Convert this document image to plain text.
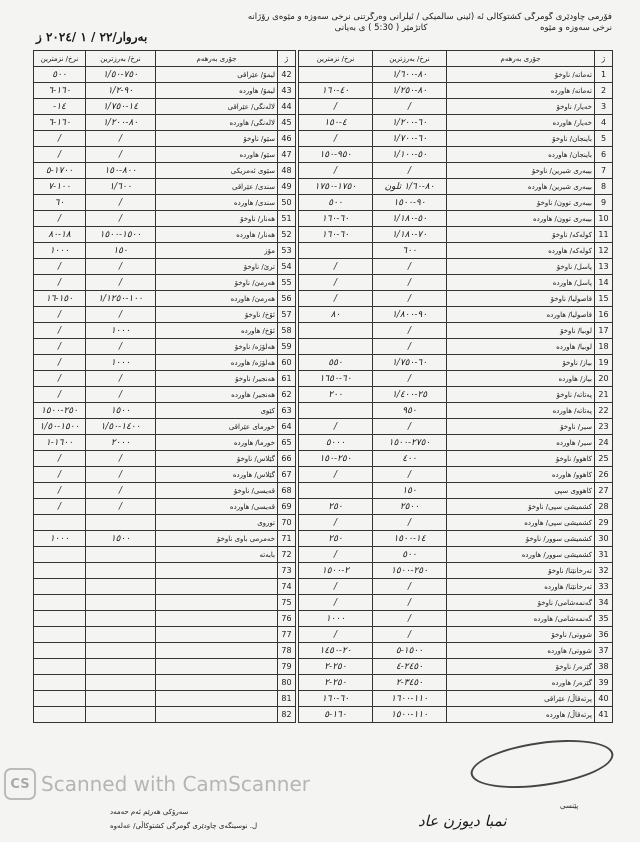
فۆرمی چاودێری گومرگی کشتوکاڵی ئه‌ (ئینی سالمیکی / ئیلرانی وەرگرتنی نرخی سەوزە و مێوەی رۆژانە
نرخی سەوزە و مێوە
کاتژمێر ( 5:30 ) ی بەیانی
بەروار/٢٢ / ١ /٢٠٢٤ ز
نرخ/ نزمترین	نرخ/ بەرزترین	جۆری بەرهەم	ژ
	٨٠-١/٦٠٠	تەماتە/ ناوخۆ	1
٤٠-١٦٠	٨٠-١/٢٥٠	تەماتە/ هاوردە	2
/	/	خەیار/ ناوخۆ	3
٤-١٥٠	٦٠-١/٢٠٠	خەیار/ هاوردە	4
/	٦٠-١/٧٠٠	باینجان/ ناوخۆ	5
٩٥٠-١٥٠	٥٠-١/١٠٠	باینجان/ هاوردە	6
/	/	بیبەری شیرین/ ناوخۆ	7
١٧٥٠-١٧٥٠	٨٠-١/٦٠ تلون	بیبەری شیرین/ هاوردە	8
٥٠٠	٩٠-١٥٠٠	بیبەری توون/ ناوخۆ	9
٦٠-١٦٠	٥٠-١/١٨٠	بیبەری توون/ هاوردە	10
٦٠-١٦٠	٧٠-١/١٨٠	کولەکە/ ناوخۆ	11
	٦٠٠	کولەکە/ هاوردە	12
/	/	پاسل/ ناوخۆ	13
/	/	پاسل/ هاوردە	14
/	/	فاصولیا/ ناوخۆ	15
٨٠	٩٠-١/٨٠٠	فاصولیا/ هاوردە	16
	/	لوبیا/ ناوخۆ	17
	/	لوبیا/ هاوردە	18
٥٥٠	٦٠-١/٧٥٠	بیاز/ ناوخۆ	19
٦٠-١٦٥٠	/	بیاز/ هاوردە	20
٢٠٠	٢٥-١/٤٠٠	پەتاتە/ ناوخۆ	21
	٩٥٠	پەتاتە/ هاوردە	22
/	/	سیر/ ناوخۆ	23
٥٠٠٠	٢٧٥٠-١٥٠٠	سیر/ هاوردە	24
٢٥٠-١٥٠	٤٠٠	کاهوو/ ناوخۆ	25
/	/	کاهوو/ هاوردە	26
	١٥٠	کاهووی سپی	27
٢٥٠	٢٥٠٠	کشمیشی سپی/ ناوخۆ	28
/	/	کشمیشی سپی/ هاوردە	29
٢٥٠	١٤-١٥٠٠	کشمیشی سوور/ ناوخۆ	30
/	٥٠٠	کشمیشی سوور/ هاوردە	31
٢-١٥٠٠	٢٥٠-١٥٠٠	تەرخانێنا/ ناوخۆ	32
/	/	تەرخانێنا/ هاوردە	33
/	/	گەنمەشامی/ ناوخۆ	34
١٠٠٠	/	گەنمەشامی/ هاوردە	35
/	/	شووتی/ ناوخۆ	36
٢٠-١٤٥٠	١٥٠٠-٥	شووتی/ هاوردە	37
٢٥٠-٢	٢٤٥٠-٤	گێزەر/ ناوخۆ	38
٢٥٠-٢	٣٤٥٠-٢	گێزەر/ هاوردە	39
٦٠-١٦٠	١١٠-١٦٠٠	پرتەقاڵ/ عێراقی	40
١٦٠-٥	١١٠-١٥٠٠	پرتەقاڵ/ هاوردە	41
نرخ/ نزمترین	نرخ/ بەرزترین	جۆری بەرهەم	ژ
٥٠٠	٧٥٠-١/٥٠	لیمۆ/ عێراقی	42
١٦٠-٦	٩٠-١/٢	لیمۆ/ هاوردە	43
-١٤	١٤-١/٧٥٠	لالەنگی/ عێراقی	44
١٦٠-٦	٨٠-١/٢٠٠	لالەنگی/ هاوردە	45
/	/	سێو/ ناوخۆ	46
/	/	سێو/ هاوردە	47
١٧٠٠-٥	٨٠٠-١٥٠	سێوی ئەمریکی	48
١٠٠-٧	١/٦٠٠	سندی/ عێراقی	49
٦٠	/	سندی/ هاوردە	50
/	/	هەنار/ ناوخۆ	51
١٨-٨٠	١٥٠٠-١٥٠٠	هەنار/ هاوردە	52
١٠٠٠	١٥٠	مۆز	53
/	/	ترێ/ ناوخۆ	54
/	/	هەرمێ/ ناوخۆ	55
١٥٠-١٦	١٠٠-١/١٢٥٠	هەرمێ/ هاوردە	56
/	/	ئۆخ/ ناوخۆ	57
/	١٠٠٠	ئۆخ/ هاوردە	58
/	/	هەلۆژە/ ناوخۆ	59
/	١٠٠٠	هەلۆژە/ هاوردە	60
/	/	هەنجیر/ ناوخۆ	61
/	/	هەنجیر/ هاوردە	62
٢٥٠-١٥٠٠	١٥٠٠	کێوی	63
١٥٠٠-١/٥٠	١٤٠٠-١/٥٠	خورمای عێراقی	64
١٦٠٠-١	٢٠٠٠	خورما/ هاوردە	65
/	/	گێلاس/ ناوخۆ	66
/	/	گێلاس/ هاوردە	67
/	/	قەیسی/ ناوخۆ	68
/	/	قەیسی/ هاوردە	69
		توروی	70
١٠٠٠	١٥٠٠	خەمرمی باوی ناوخۆ	71
		بابەتە	72
			73
			74
			75
			76
			77
			78
			79
			80
			81
			82
پێنسی
نمبا دیوزن عاد
سەرۆكی هەرێم ئەم حەمەد
ل. نوسینگەی چاودێری گومرگی کشتوکاڵی/ عەلەوە
CS Scanned with CamScanner
